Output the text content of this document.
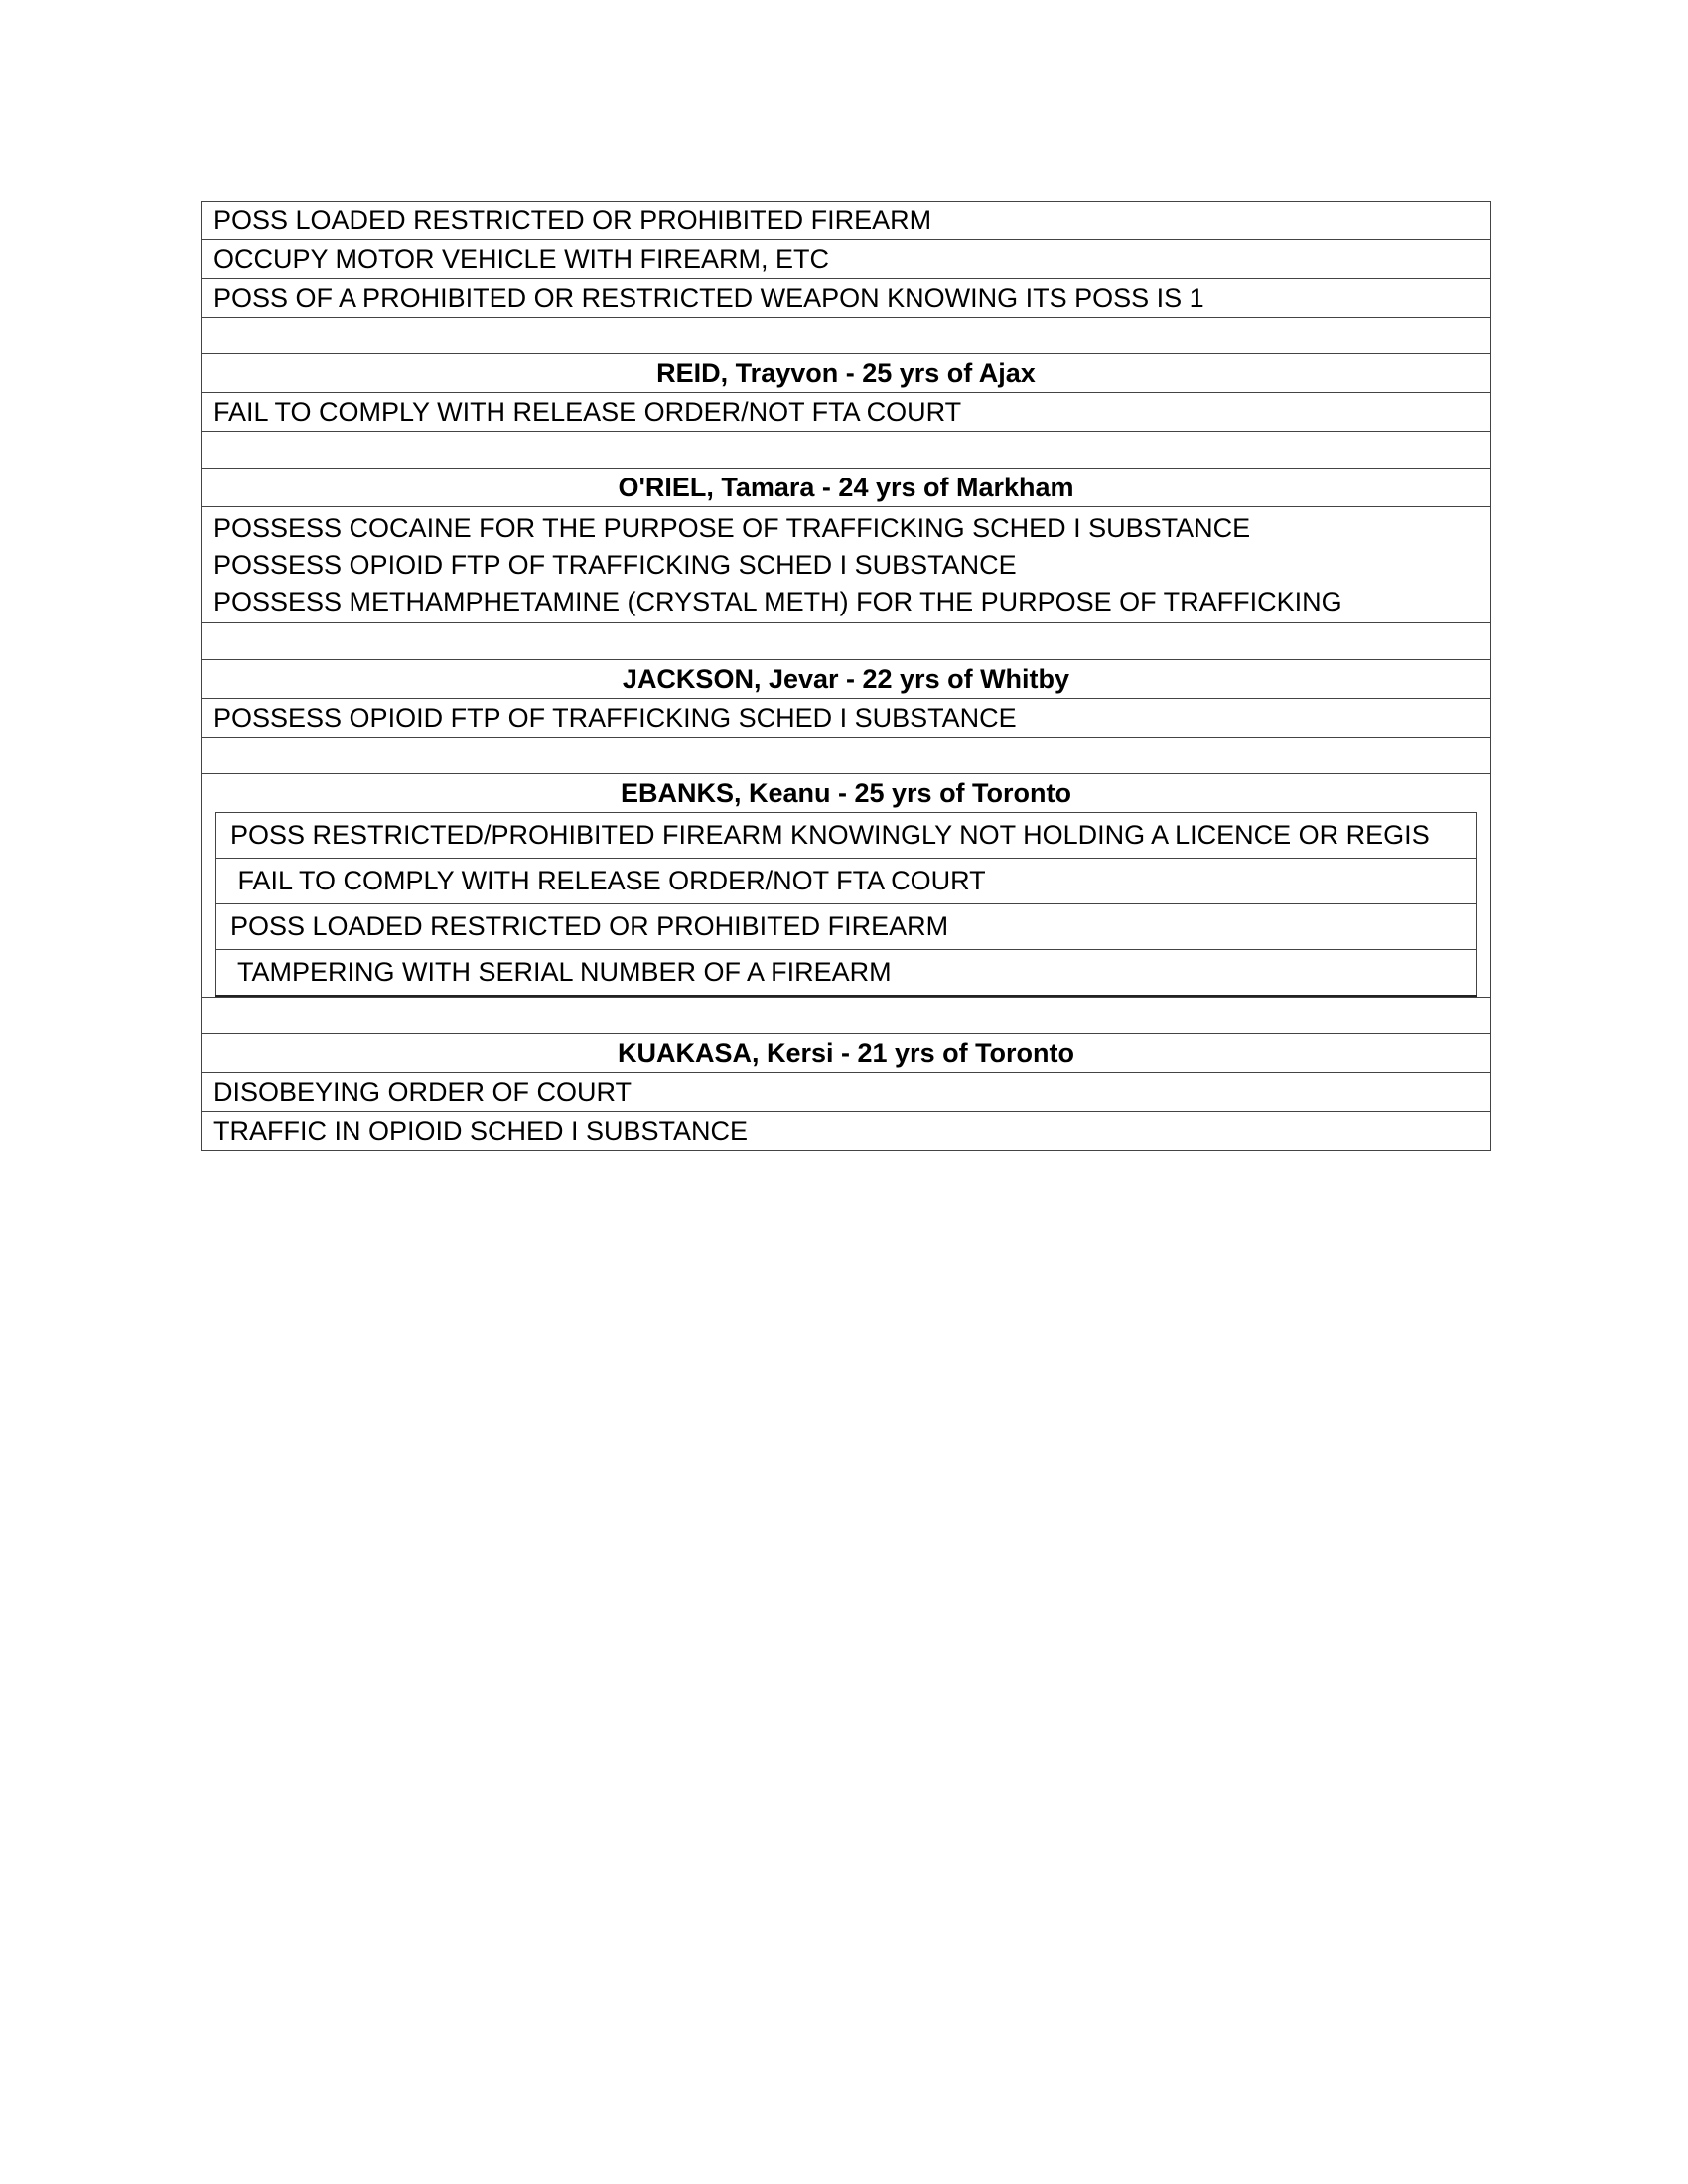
POSS LOADED RESTRICTED OR PROHIBITED FIREARM
OCCUPY MOTOR VEHICLE WITH FIREARM, ETC
POSS OF A PROHIBITED OR RESTRICTED WEAPON KNOWING ITS POSS IS 1

REID, Trayvon - 25 yrs of Ajax
FAIL TO COMPLY WITH RELEASE ORDER/NOT FTA COURT

O'RIEL, Tamara - 24 yrs of Markham

POSSESS COCAINE FOR THE PURPOSE OF TRAFFICKING SCHED I SUBSTANCE
POSSESS OPIOID FTP OF TRAFFICKING SCHED I SUBSTANCE
POSSESS METHAMPHETAMINE (CRYSTAL METH) FOR THE PURPOSE OF TRAFFICKING

JACKSON, Jevar - 22 yrs of Whitby
POSSESS OPIOID FTP OF TRAFFICKING SCHED I SUBSTANCE

EBANKS, Keanu - 25 yrs of Toronto
POSS RESTRICTED/PROHIBITED FIREARM KNOWINGLY NOT HOLDING A LICENCE OR REGIS
FAIL TO COMPLY WITH RELEASE ORDER/NOT FTA COURT
POSS LOADED RESTRICTED OR PROHIBITED FIREARM
TAMPERING WITH SERIAL NUMBER OF A FIREARM

KUAKASA, Kersi - 21 yrs of Toronto
DISOBEYING ORDER OF COURT
TRAFFIC IN OPIOID SCHED I SUBSTANCE
